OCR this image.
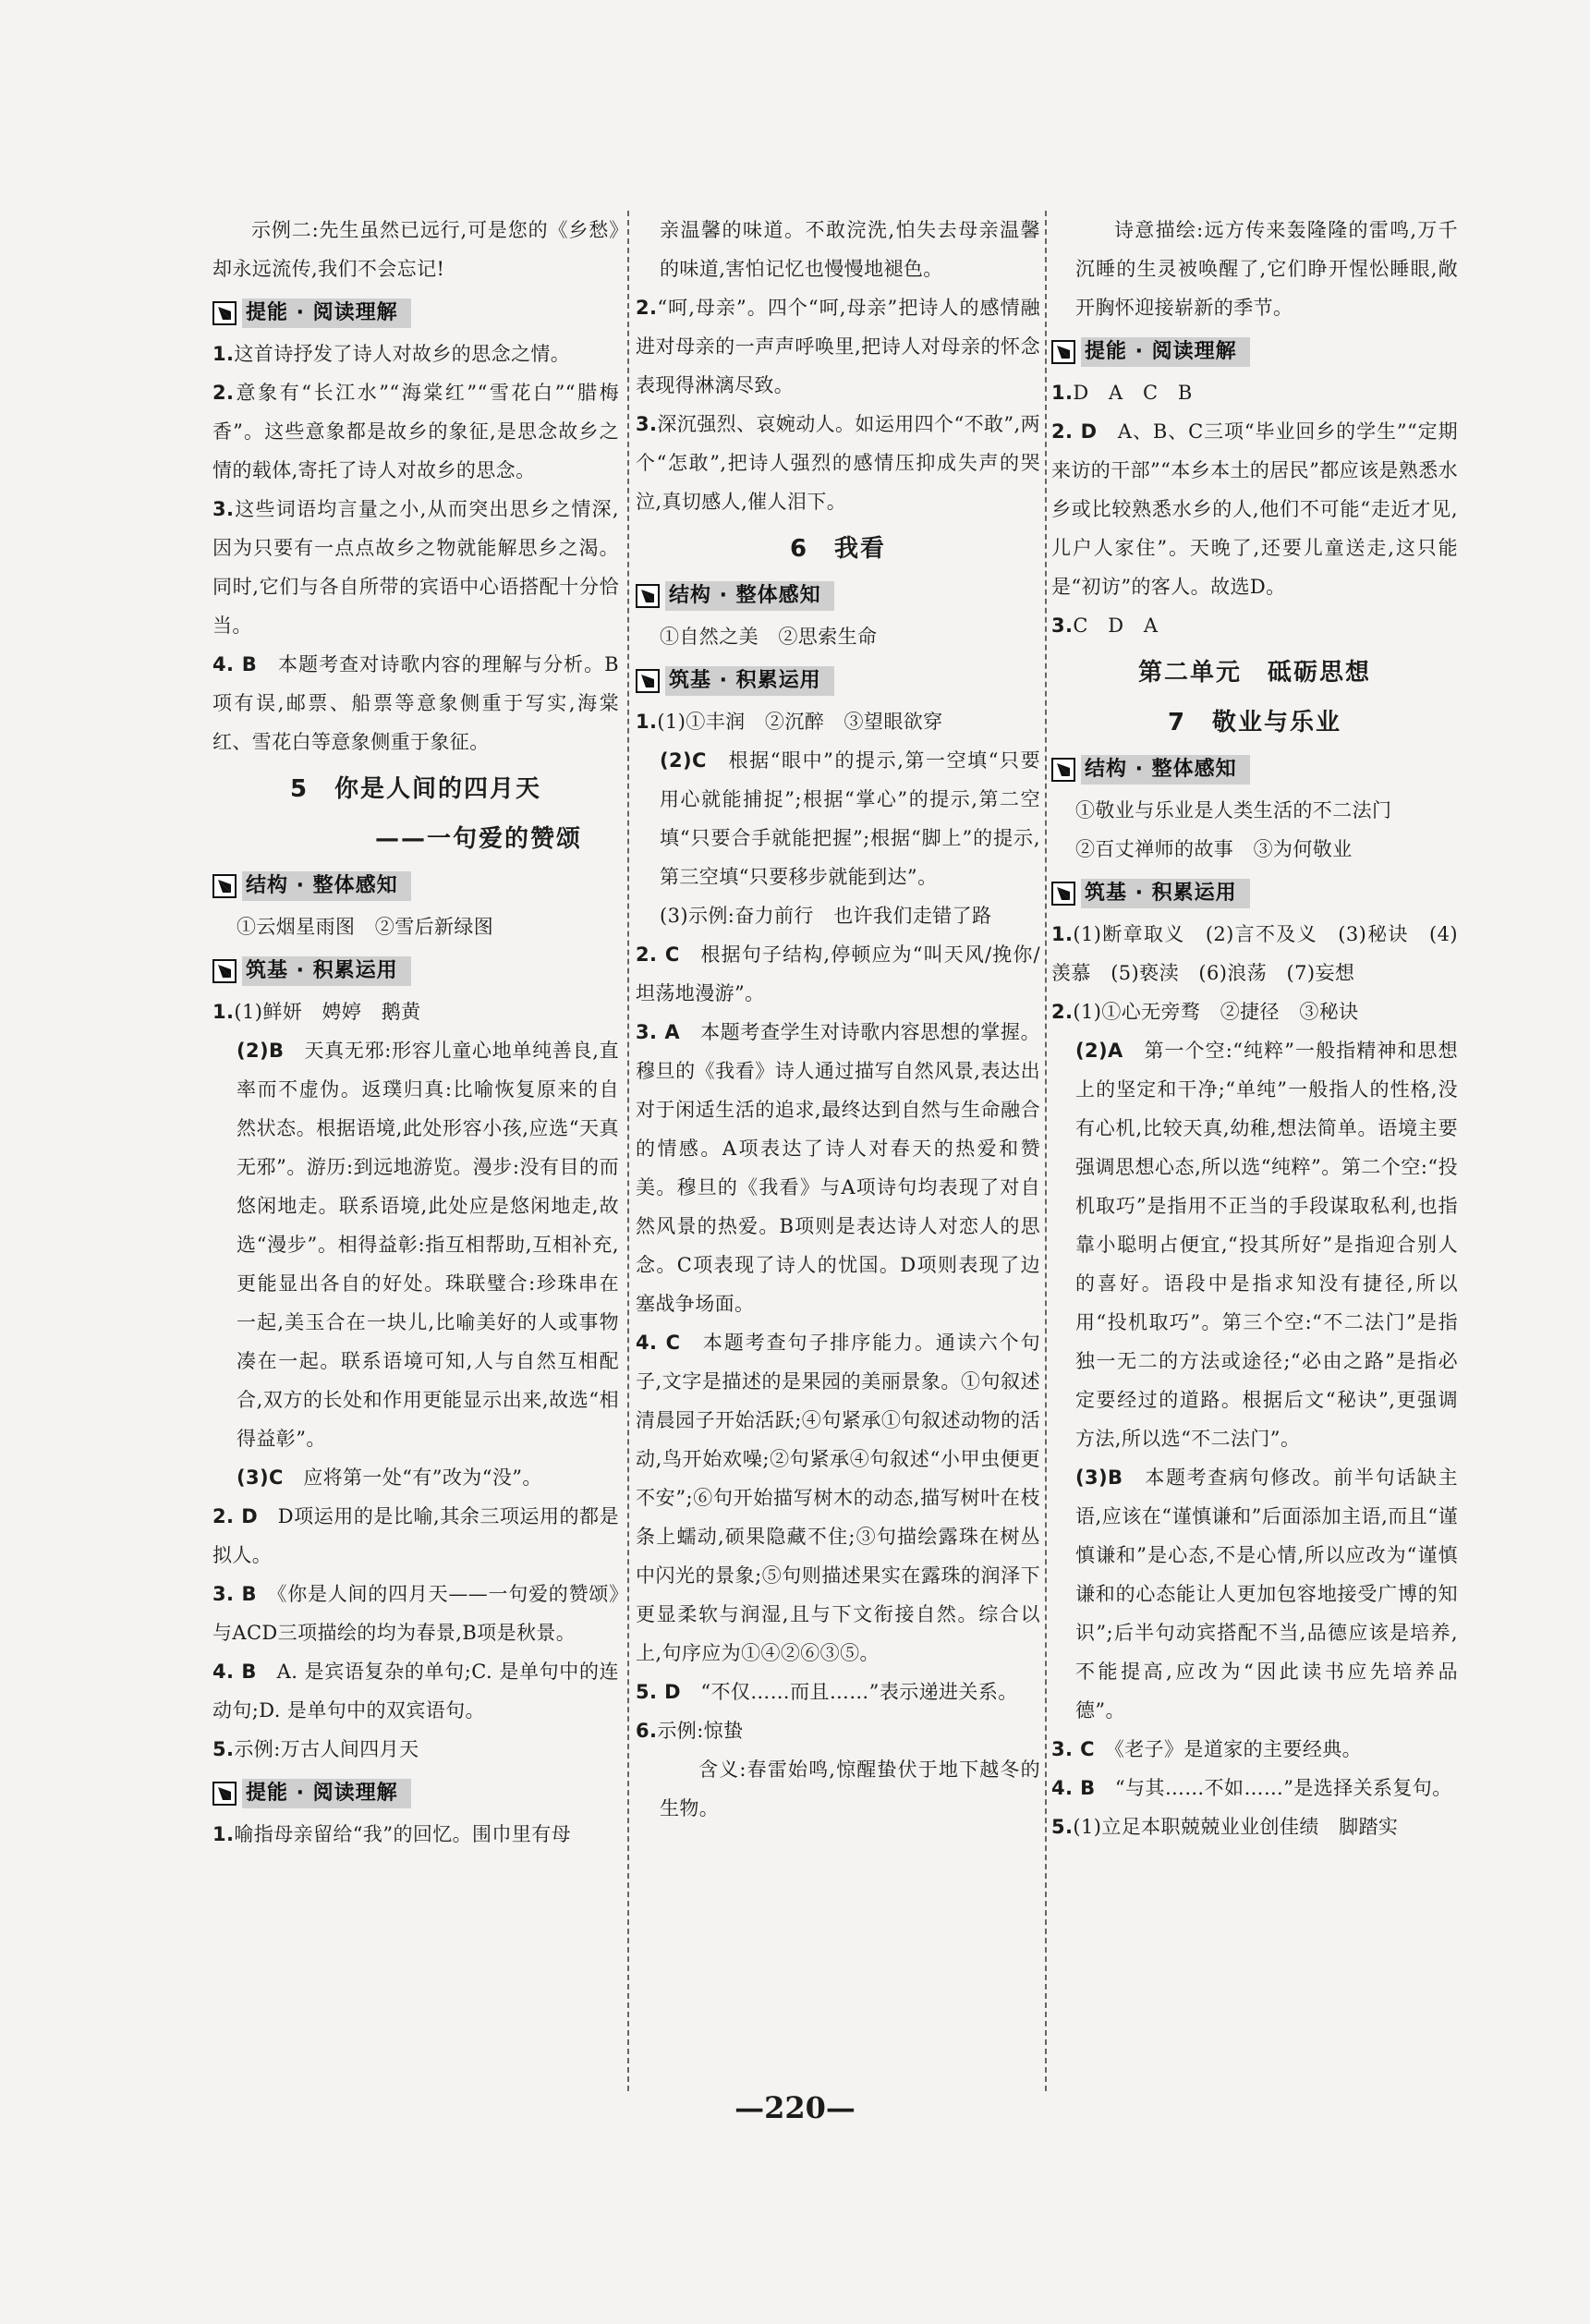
示例二:先生虽然已远行,可是您的《乡愁》却永远流传,我们不会忘记!

提能 · 阅读理解

1.这首诗抒发了诗人对故乡的思念之情。

2.意象有“长江水”“海棠红”“雪花白”“腊梅香”。这些意象都是故乡的象征,是思念故乡之情的载体,寄托了诗人对故乡的思念。

3.这些词语均言量之小,从而突出思乡之情深,因为只要有一点点故乡之物就能解思乡之渴。同时,它们与各自所带的宾语中心语搭配十分恰当。

4. B　 本题考查对诗歌内容的理解与分析。B项有误,邮票、船票等意象侧重于写实,海棠红、雪花白等意象侧重于象征。

5　你是人间的四月天
——一句爱的赞颂
结构 · 整体感知

①云烟星雨图　②雪后新绿图

筑基 · 积累运用

1.(1)鲜妍　娉婷　鹅黄

(2)B　 天真无邪:形容儿童心地单纯善良,直率而不虚伪。返璞归真:比喻恢复原来的自然状态。根据语境,此处形容小孩,应选“天真无邪”。游历:到远地游览。漫步:没有目的而悠闲地走。联系语境,此处应是悠闲地走,故选“漫步”。相得益彰:指互相帮助,互相补充,更能显出各自的好处。珠联璧合:珍珠串在一起,美玉合在一块儿,比喻美好的人或事物凑在一起。联系语境可知,人与自然互相配合,双方的长处和作用更能显示出来,故选“相得益彰”。

(3)C　 应将第一处“有”改为“没”。

2. D　 D项运用的是比喻,其余三项运用的都是拟人。

3. B　 《你是人间的四月天——一句爱的赞颂》与ACD三项描绘的均为春景,B项是秋景。

4. B　 A. 是宾语复杂的单句;C. 是单句中的连动句;D. 是单句中的双宾语句。

5.示例:万古人间四月天

提能 · 阅读理解

1.喻指母亲留给“我”的回忆。围巾里有母

亲温馨的味道。不敢浣洗,怕失去母亲温馨的味道,害怕记忆也慢慢地褪色。

2.“呵,母亲”。四个“呵,母亲”把诗人的感情融进对母亲的一声声呼唤里,把诗人对母亲的怀念表现得淋漓尽致。

3.深沉强烈、哀婉动人。如运用四个“不敢”,两个“怎敢”,把诗人强烈的感情压抑成失声的哭泣,真切感人,催人泪下。

6　我看
结构 · 整体感知

①自然之美　②思索生命

筑基 · 积累运用

1.(1)①丰润　②沉醉　③望眼欲穿

(2)C　 根据“眼中”的提示,第一空填“只要用心就能捕捉”;根据“掌心”的提示,第二空填“只要合手就能把握”;根据“脚上”的提示,第三空填“只要移步就能到达”。

(3)示例:奋力前行　也许我们走错了路

2. C　 根据句子结构,停顿应为“叫天风/挽你/坦荡地漫游”。

3. A　 本题考查学生对诗歌内容思想的掌握。穆旦的《我看》诗人通过描写自然风景,表达出对于闲适生活的追求,最终达到自然与生命融合的情感。A项表达了诗人对春天的热爱和赞美。穆旦的《我看》与A项诗句均表现了对自然风景的热爱。B项则是表达诗人对恋人的思念。C项表现了诗人的忧国。D项则表现了边塞战争场面。

4. C　 本题考查句子排序能力。通读六个句子,文字是描述的是果园的美丽景象。①句叙述清晨园子开始活跃;④句紧承①句叙述动物的活动,鸟开始欢噪;②句紧承④句叙述“小甲虫便更不安”;⑥句开始描写树木的动态,描写树叶在枝条上蠕动,硕果隐藏不住;③句描绘露珠在树丛中闪光的景象;⑤句则描述果实在露珠的润泽下更显柔软与润湿,且与下文衔接自然。综合以上,句序应为①④②⑥③⑤。

5. D　 “不仅……而且……”表示递进关系。

6.示例:惊蛰

含义:春雷始鸣,惊醒蛰伏于地下越冬的生物。

诗意描绘:远方传来轰隆隆的雷鸣,万千沉睡的生灵被唤醒了,它们睁开惺忪睡眼,敞开胸怀迎接崭新的季节。

提能 · 阅读理解

1.D　A　C　B

2. D　 A、B、C三项“毕业回乡的学生”“定期来访的干部”“本乡本土的居民”都应该是熟悉水乡或比较熟悉水乡的人,他们不可能“走近才见,儿户人家住”。天晚了,还要儿童送走,这只能是“初访”的客人。故选D。

3.C　D　A

第二单元　砥砺思想
7　敬业与乐业
结构 · 整体感知

①敬业与乐业是人类生活的不二法门

②百丈禅师的故事　③为何敬业

筑基 · 积累运用

1.(1)断章取义　(2)言不及义　(3)秘诀　(4)羡慕　(5)亵渎　(6)浪荡　(7)妄想

2.(1)①心无旁骛　②捷径　③秘诀

(2)A　 第一个空:“纯粹”一般指精神和思想上的坚定和干净;“单纯”一般指人的性格,没有心机,比较天真,幼稚,想法简单。语境主要强调思想心态,所以选“纯粹”。第二个空:“投机取巧”是指用不正当的手段谋取私利,也指靠小聪明占便宜,“投其所好”是指迎合别人的喜好。语段中是指求知没有捷径,所以用“投机取巧”。第三个空:“不二法门”是指独一无二的方法或途径;“必由之路”是指必定要经过的道路。根据后文“秘诀”,更强调方法,所以选“不二法门”。

(3)B　 本题考查病句修改。前半句话缺主语,应该在“谨慎谦和”后面添加主语,而且“谨慎谦和”是心态,不是心情,所以应改为“谨慎谦和的心态能让人更加包容地接受广博的知识”;后半句动宾搭配不当,品德应该是培养,不能提高,应改为“因此读书应先培养品德”。

3. C　 《老子》是道家的主要经典。

4. B　 “与其……不如……”是选择关系复句。

5.(1)立足本职兢兢业业创佳绩　脚踏实

—220—
